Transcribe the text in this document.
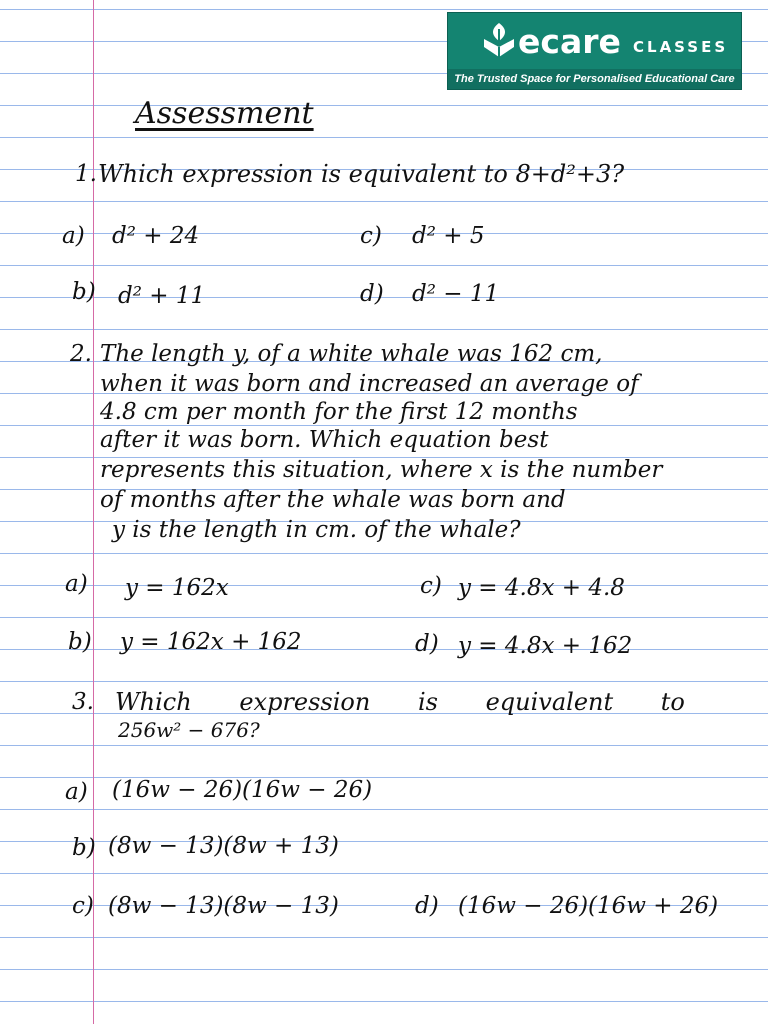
ecare CLASSES
The Trusted Space for Personalised Educational Care
Assessment
1. Which expression is equivalent to 8+d²+3?
a) d² + 24	c) d² + 5
b) d² + 11	d) d² − 11
2. The length y, of a white whale was 162 cm,
when it was born and increased an average of
4.8 cm per month for the first 12 months
after it was born. Which equation best
represents this situation, where x is the number
of months after the whale was born and
y is the length in cm. of the whale?
a) y = 162x	c) y = 4.8x + 4.8
b) y = 162x + 162	d) y = 4.8x + 162
3. Which expression is equivalent to
256w² − 676?
a) (16w − 26)(16w − 26)
b) (8w − 13)(8w + 13)
c) (8w − 13)(8w − 13)	d) (16w − 26)(16w + 26)
